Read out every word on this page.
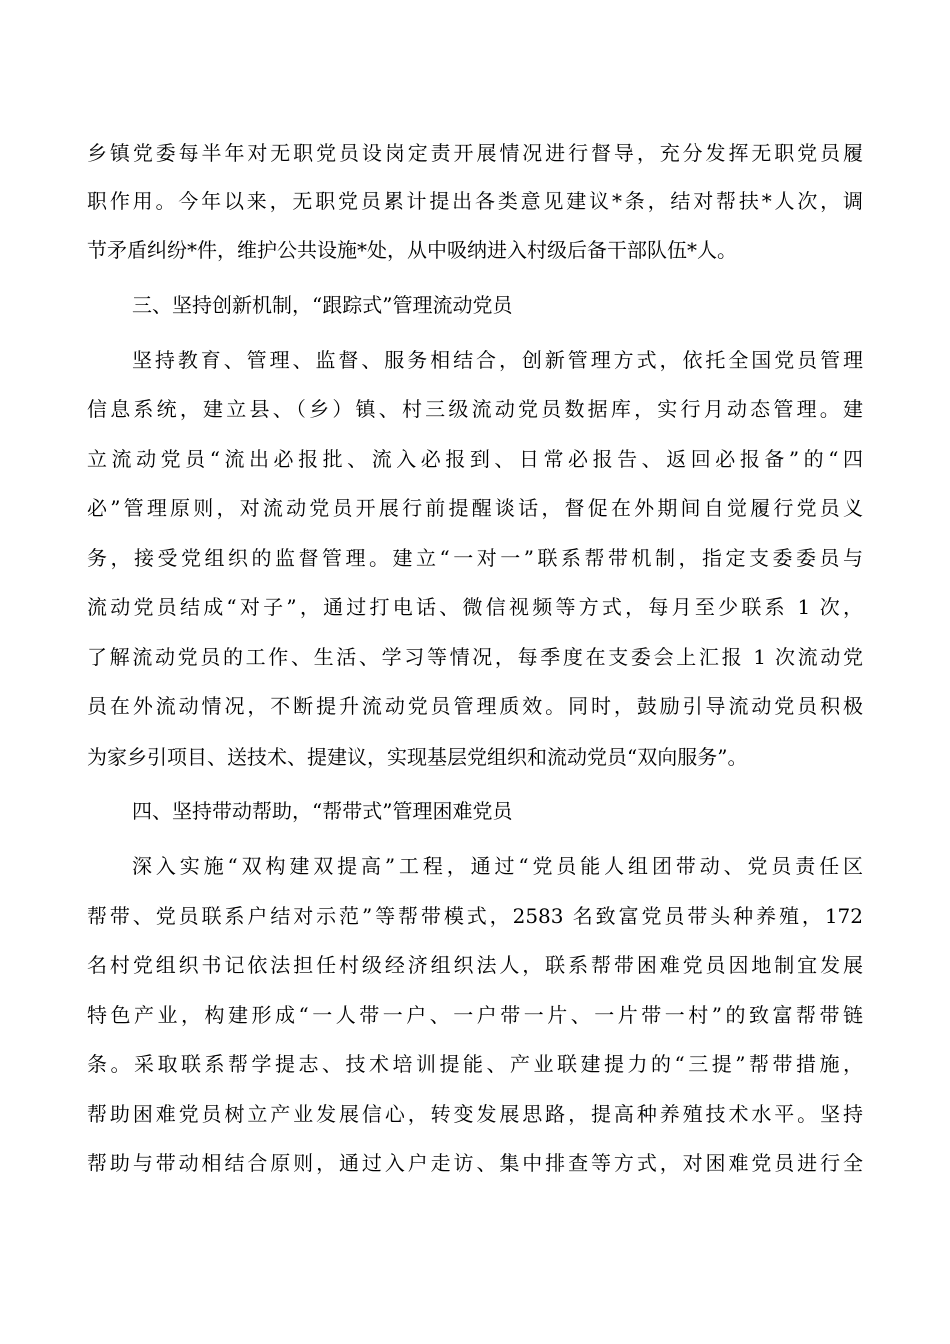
乡镇党委每半年对无职党员设岗定责开展情况进行督导，充分发挥无职党员履
职作用。今年以来，无职党员累计提出各类意见建议*条，结对帮扶*人次，调
节矛盾纠纷*件，维护公共设施*处，从中吸纳进入村级后备干部队伍*人。
三、坚持创新机制，“跟踪式”管理流动党员
坚持教育、管理、监督、服务相结合，创新管理方式，依托全国党员管理
信息系统，建立县、（乡）镇、村三级流动党员数据库，实行月动态管理。建
立流动党员“流出必报批、流入必报到、日常必报告、返回必报备”的“四
必”管理原则，对流动党员开展行前提醒谈话，督促在外期间自觉履行党员义
务，接受党组织的监督管理。建立“一对一”联系帮带机制，指定支委委员与
流动党员结成“对子”，通过打电话、微信视频等方式，每月至少联系 1 次，
了解流动党员的工作、生活、学习等情况，每季度在支委会上汇报 1 次流动党
员在外流动情况，不断提升流动党员管理质效。同时，鼓励引导流动党员积极
为家乡引项目、送技术、提建议，实现基层党组织和流动党员“双向服务”。
四、坚持带动帮助，“帮带式”管理困难党员
深入实施“双构建双提高”工程，通过“党员能人组团带动、党员责任区
帮带、党员联系户结对示范”等帮带模式，2583 名致富党员带头种养殖，172
名村党组织书记依法担任村级经济组织法人，联系帮带困难党员因地制宜发展
特色产业，构建形成“一人带一户、一户带一片、一片带一村”的致富帮带链
条。采取联系帮学提志、技术培训提能、产业联建提力的“三提”帮带措施，
帮助困难党员树立产业发展信心，转变发展思路，提高种养殖技术水平。坚持
帮助与带动相结合原则，通过入户走访、集中排查等方式，对困难党员进行全
